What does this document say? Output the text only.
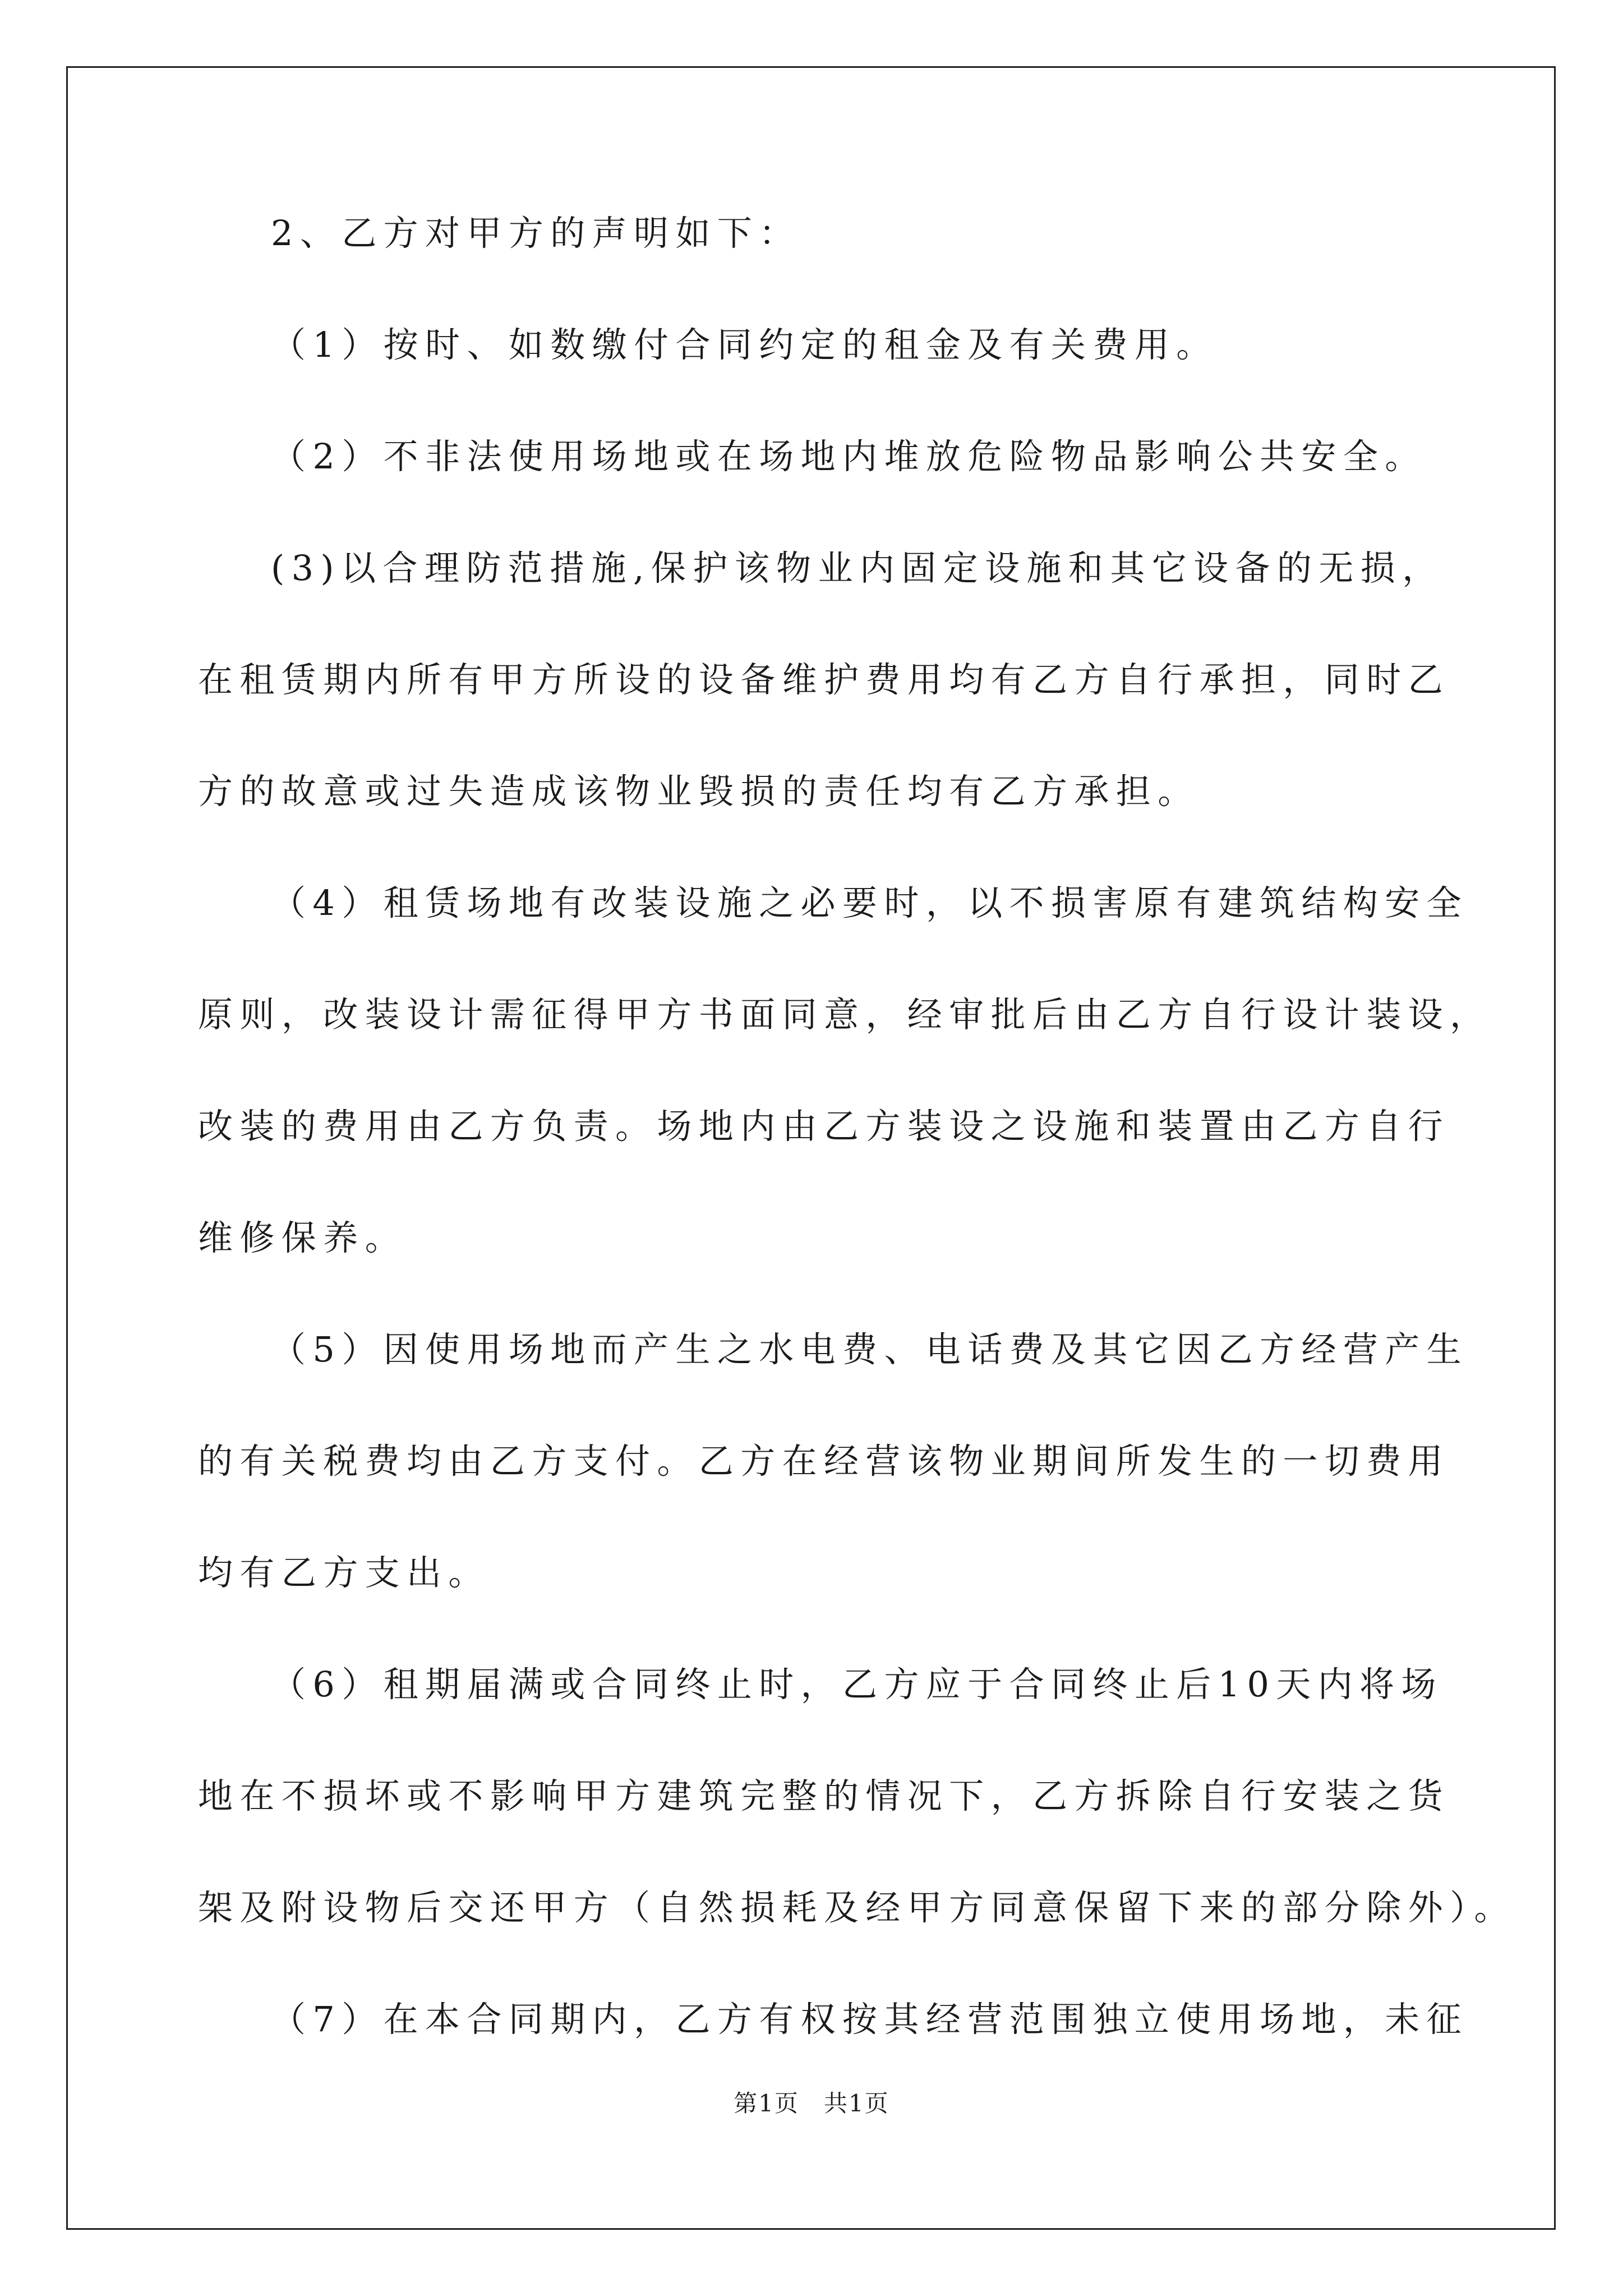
2、乙方对甲方的声明如下：
（1）按时、如数缴付合同约定的租金及有关费用。
（2）不非法使用场地或在场地内堆放危险物品影响公共安全。
(3)以合理防范措施,保护该物业内固定设施和其它设备的无损，
在租赁期内所有甲方所设的设备维护费用均有乙方自行承担，同时乙
方的故意或过失造成该物业毁损的责任均有乙方承担。
（4）租赁场地有改装设施之必要时，以不损害原有建筑结构安全
原则，改装设计需征得甲方书面同意，经审批后由乙方自行设计装设，
改装的费用由乙方负责。场地内由乙方装设之设施和装置由乙方自行
维修保养。
（5）因使用场地而产生之水电费、电话费及其它因乙方经营产生
的有关税费均由乙方支付。乙方在经营该物业期间所发生的一切费用
均有乙方支出。
（6）租期届满或合同终止时，乙方应于合同终止后10天内将场
地在不损坏或不影响甲方建筑完整的情况下，乙方拆除自行安装之货
架及附设物后交还甲方（自然损耗及经甲方同意保留下来的部分除外）。
（7）在本合同期内，乙方有权按其经营范围独立使用场地，未征
第1页　共1页
